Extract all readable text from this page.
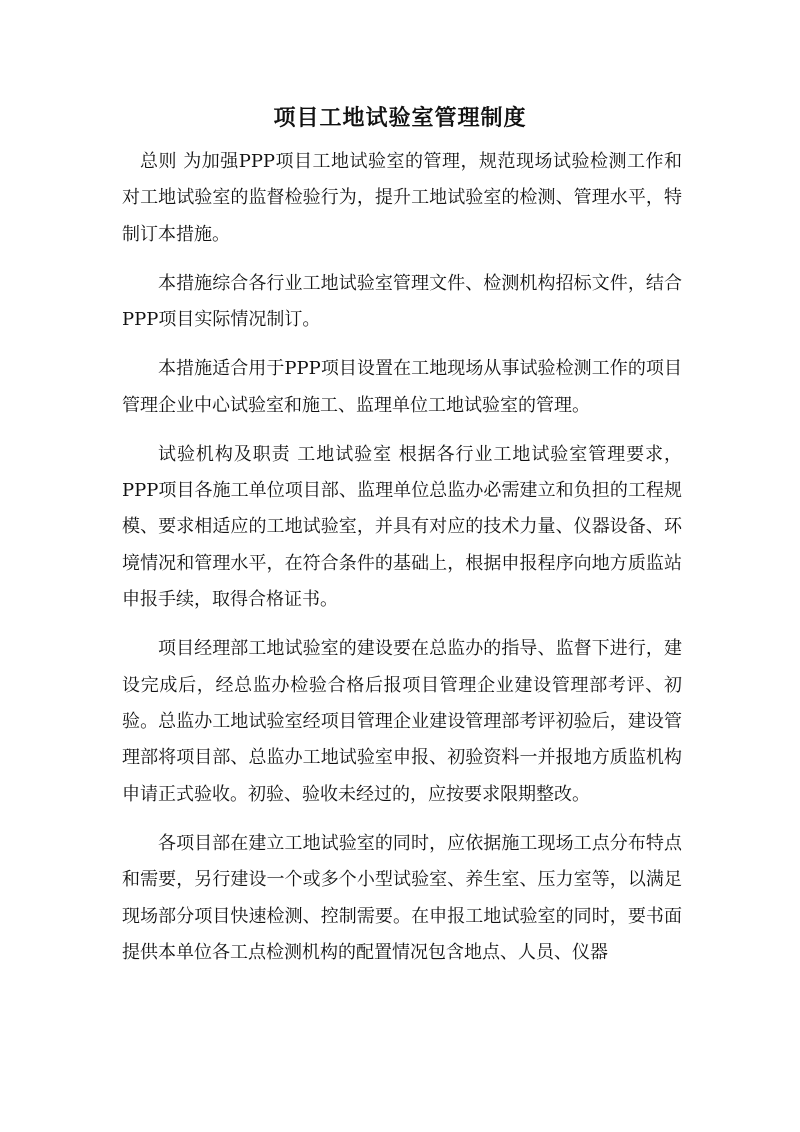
项目工地试验室管理制度

总则 为加强PPP项目工地试验室的管理，规范现场试验检测工作和对工地试验室的监督检验行为，提升工地试验室的检测、管理水平，特制订本措施。

本措施综合各行业工地试验室管理文件、检测机构招标文件，结合PPP项目实际情况制订。

本措施适合用于PPP项目设置在工地现场从事试验检测工作的项目管理企业中心试验室和施工、监理单位工地试验室的管理。

试验机构及职责 工地试验室 根据各行业工地试验室管理要求，PPP项目各施工单位项目部、监理单位总监办必需建立和负担的工程规模、要求相适应的工地试验室，并具有对应的技术力量、仪器设备、环境情况和管理水平，在符合条件的基础上，根据申报程序向地方质监站申报手续，取得合格证书。

项目经理部工地试验室的建设要在总监办的指导、监督下进行，建设完成后，经总监办检验合格后报项目管理企业建设管理部考评、初验。总监办工地试验室经项目管理企业建设管理部考评初验后，建设管理部将项目部、总监办工地试验室申报、初验资料一并报地方质监机构申请正式验收。初验、验收未经过的，应按要求限期整改。

各项目部在建立工地试验室的同时，应依据施工现场工点分布特点和需要，另行建设一个或多个小型试验室、养生室、压力室等，以满足现场部分项目快速检测、控制需要。在申报工地试验室的同时，要书面提供本单位各工点检测机构的配置情况包含地点、人员、仪器
